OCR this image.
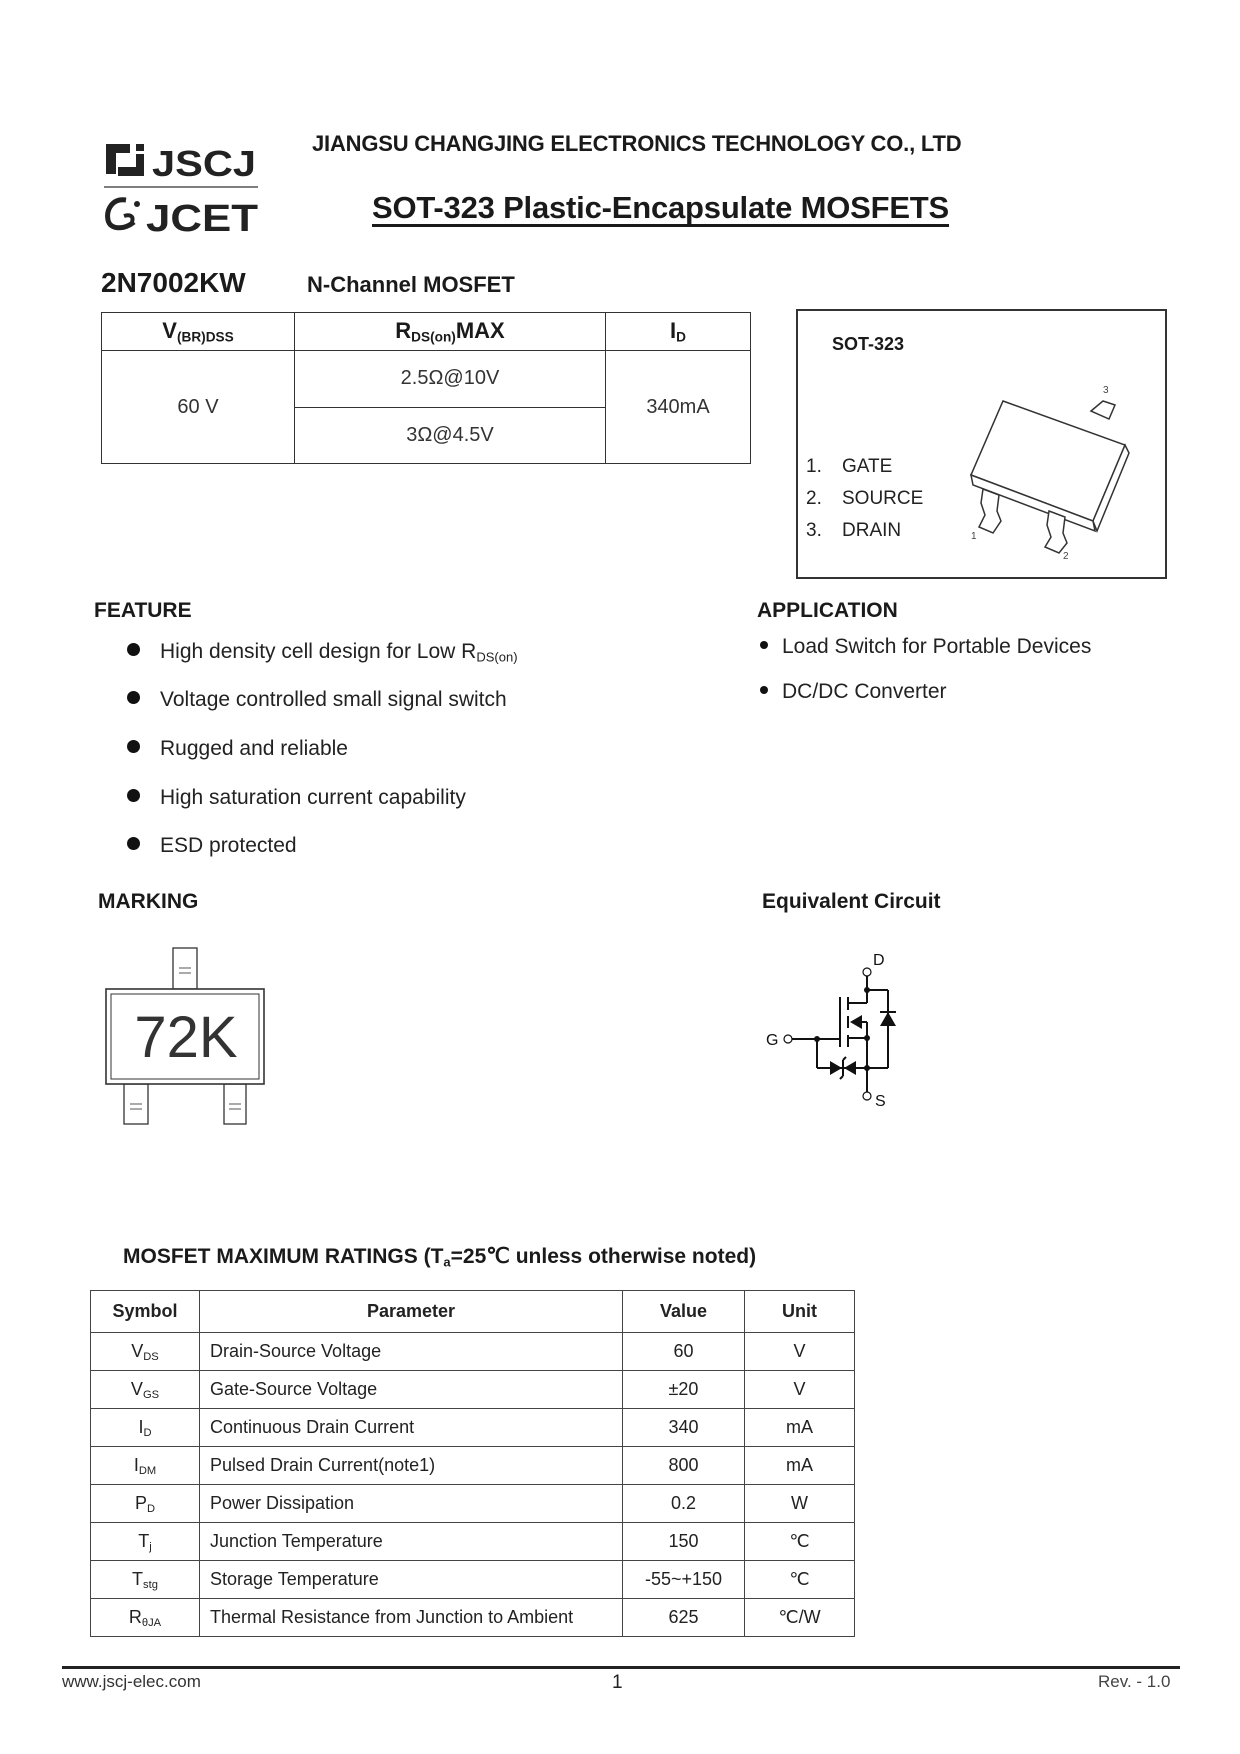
JSCJ
JCET
JIANGSU CHANGJING ELECTRONICS TECHNOLOGY CO., LTD
SOT-323 Plastic-Encapsulate MOSFETS
2N7002KW	N-Channel MOSFET
$V_{(BR)DSS}$	$R_{DS(on)}MAX$	$I_D$
60 V	2.5Ω@10V	340mA
	3Ω@4.5V	
SOT-323
1. GATE
2. SOURCE
3. DRAIN	1
2
3
FEATURE
High density cell design for Low $R_{DS(on)}$
Voltage controlled small signal switch
Rugged and reliable
High saturation current capability
ESD protected
APPLICATION
Load Switch for Portable Devices
DC/DC Converter
MARKING
72K
Equivalent Circuit
D
G
S
MOSFET MAXIMUM RATINGS ($T_a=25℃$ unless otherwise noted)
Symbol	Parameter	Value	Unit
$V_{DS}$	Drain-Source Voltage	60	V
$V_{GS}$	Gate-Source Voltage	±20	V
$I_D$	Continuous Drain Current	340	mA
$I_{DM}$	Pulsed Drain Current(note1)	800	mA
$P_D$	Power Dissipation	0.2	W
$T_j$	Junction Temperature	150	℃
$T_{stg}$	Storage Temperature	-55~+150	℃
$R_{\theta JA}$	Thermal Resistance from Junction to Ambient	625	℃/W
www.jscj-elec.com	1	Rev. - 1.0
